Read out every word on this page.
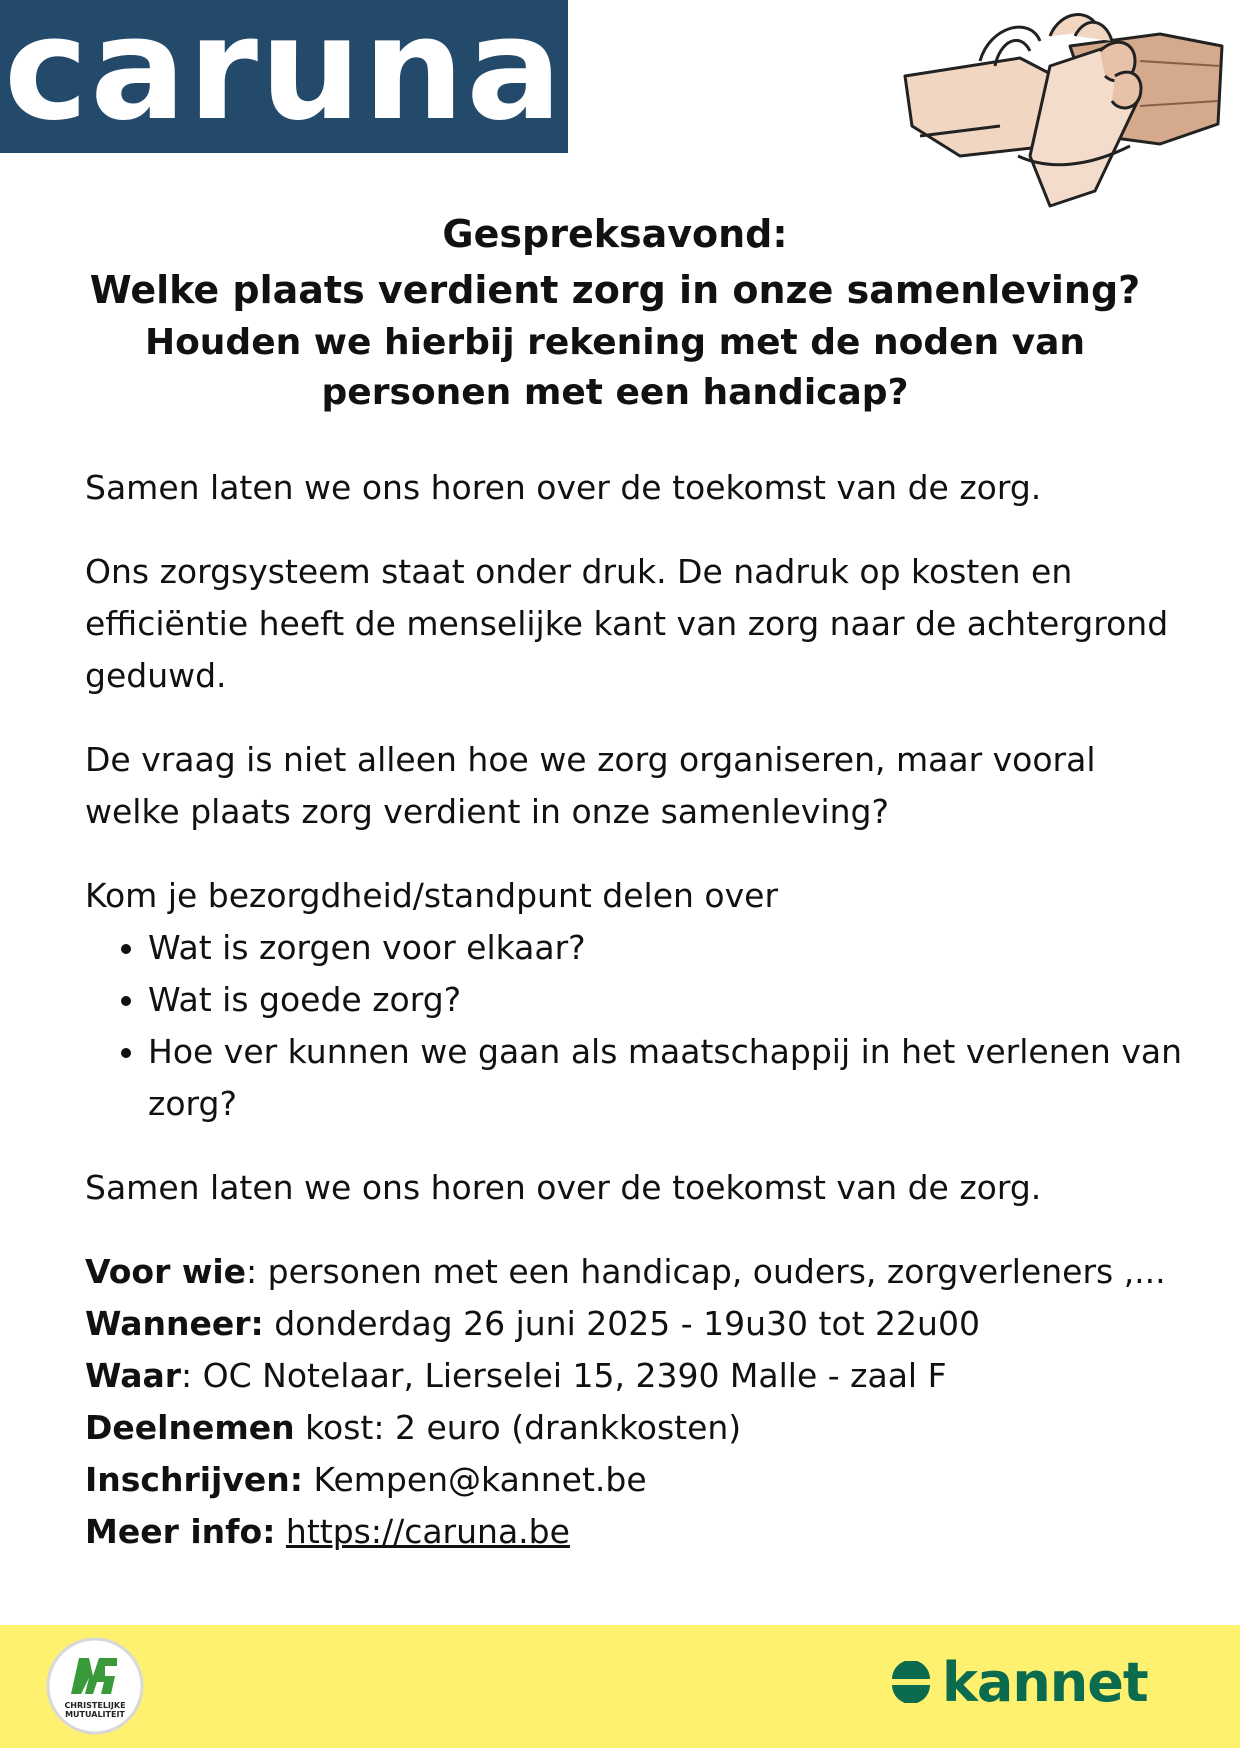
caruna
Gespreksavond:
Welke plaats verdient zorg in onze samenleving?
Houden we hierbij rekening met de noden van
personen met een handicap?

Samen laten we ons horen over de toekomst van de zorg.

Ons zorgsysteem staat onder druk. De nadruk op kosten en efficiëntie heeft de menselijke kant van zorg naar de achtergrond geduwd.

De vraag is niet alleen hoe we zorg organiseren, maar vooral welke plaats zorg verdient in onze samenleving?

Kom je bezorgdheid/standpunt delen over

• Wat is zorgen voor elkaar?
• Wat is goede zorg?
• Hoe ver kunnen we gaan als maatschappij in het verlenen van zorg?

Samen laten we ons horen over de toekomst van de zorg.

Voor wie: personen met een handicap, ouders, zorgverleners ,...

Wanneer: donderdag 26 juni 2025 - 19u30 tot 22u00

Waar: OC Notelaar, Lierselei 15, 2390 Malle - zaal F

Deelnemen kost: 2 euro (drankkosten)

Inschrijven: Kempen@kannet.be

Meer info: https://caruna.be

CHRISTELIJKE
MUTUALITEIT
kannet
